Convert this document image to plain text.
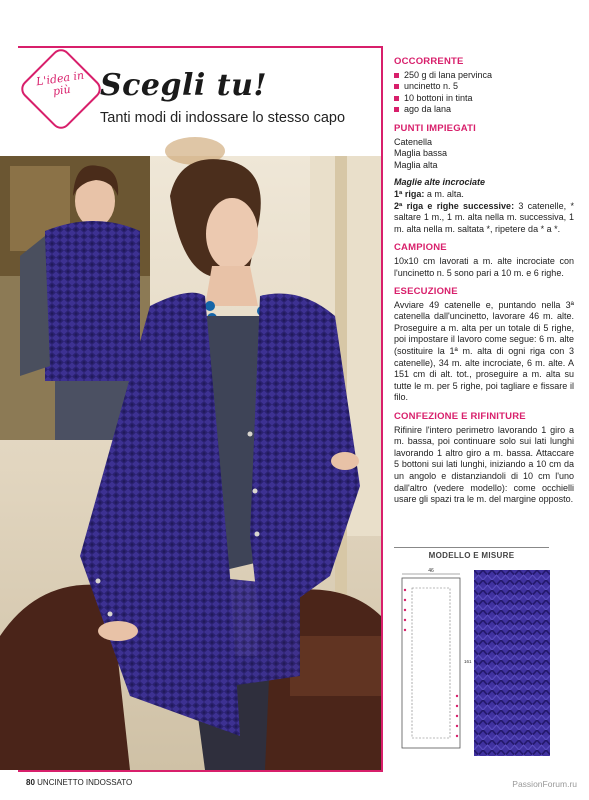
L'idea in più Scegli tu!
Tanti modi di indossare lo stesso capo
OCCORRENTE
250 g di lana pervinca
uncinetto n. 5
10 bottoni in tinta
ago da lana
PUNTI IMPIEGATI
Catenella
Maglia bassa
Maglia alta
Maglie alte incrociate
1ª riga: a m. alta.
2ª riga e righe successive: 3 catenelle, * saltare 1 m., 1 m. alta nella m. successiva, 1 m. alta nella m. saltata *, ripetere da * a *.
CAMPIONE
10x10 cm lavorati a m. alte incrociate con l'uncinetto n. 5 sono pari a 10 m. e 6 righe.
ESECUZIONE
Avviare 49 catenelle e, puntando nella 3ª catenella dall'uncinetto, lavorare 46 m. alte. Proseguire a m. alta per un totale di 5 righe, poi impostare il lavoro come segue: 6 m. alte (sostituire la 1ª m. alta di ogni riga con 3 catenelle), 34 m. alte incrociate, 6 m. alte. A 151 cm di alt. tot., proseguire a m. alta su tutte le m. per 5 righe, poi tagliare e fissare il filo.
CONFEZIONE E RIFINITURE
Rifinire l'intero perimetro lavorando 1 giro a m. bassa, poi continuare solo sui lati lunghi lavorando 1 altro giro a m. bassa. Attaccare 5 bottoni sui lati lunghi, iniziando a 10 cm da un angolo e distanziandoli di 10 cm l'uno dall'altro (vedere modello): come occhielli usare gli spazi tra le m. del margine opposto.
MODELLO E MISURE
46
161
80 UNCINETTO INDOSSATO	PassionForum.ru
